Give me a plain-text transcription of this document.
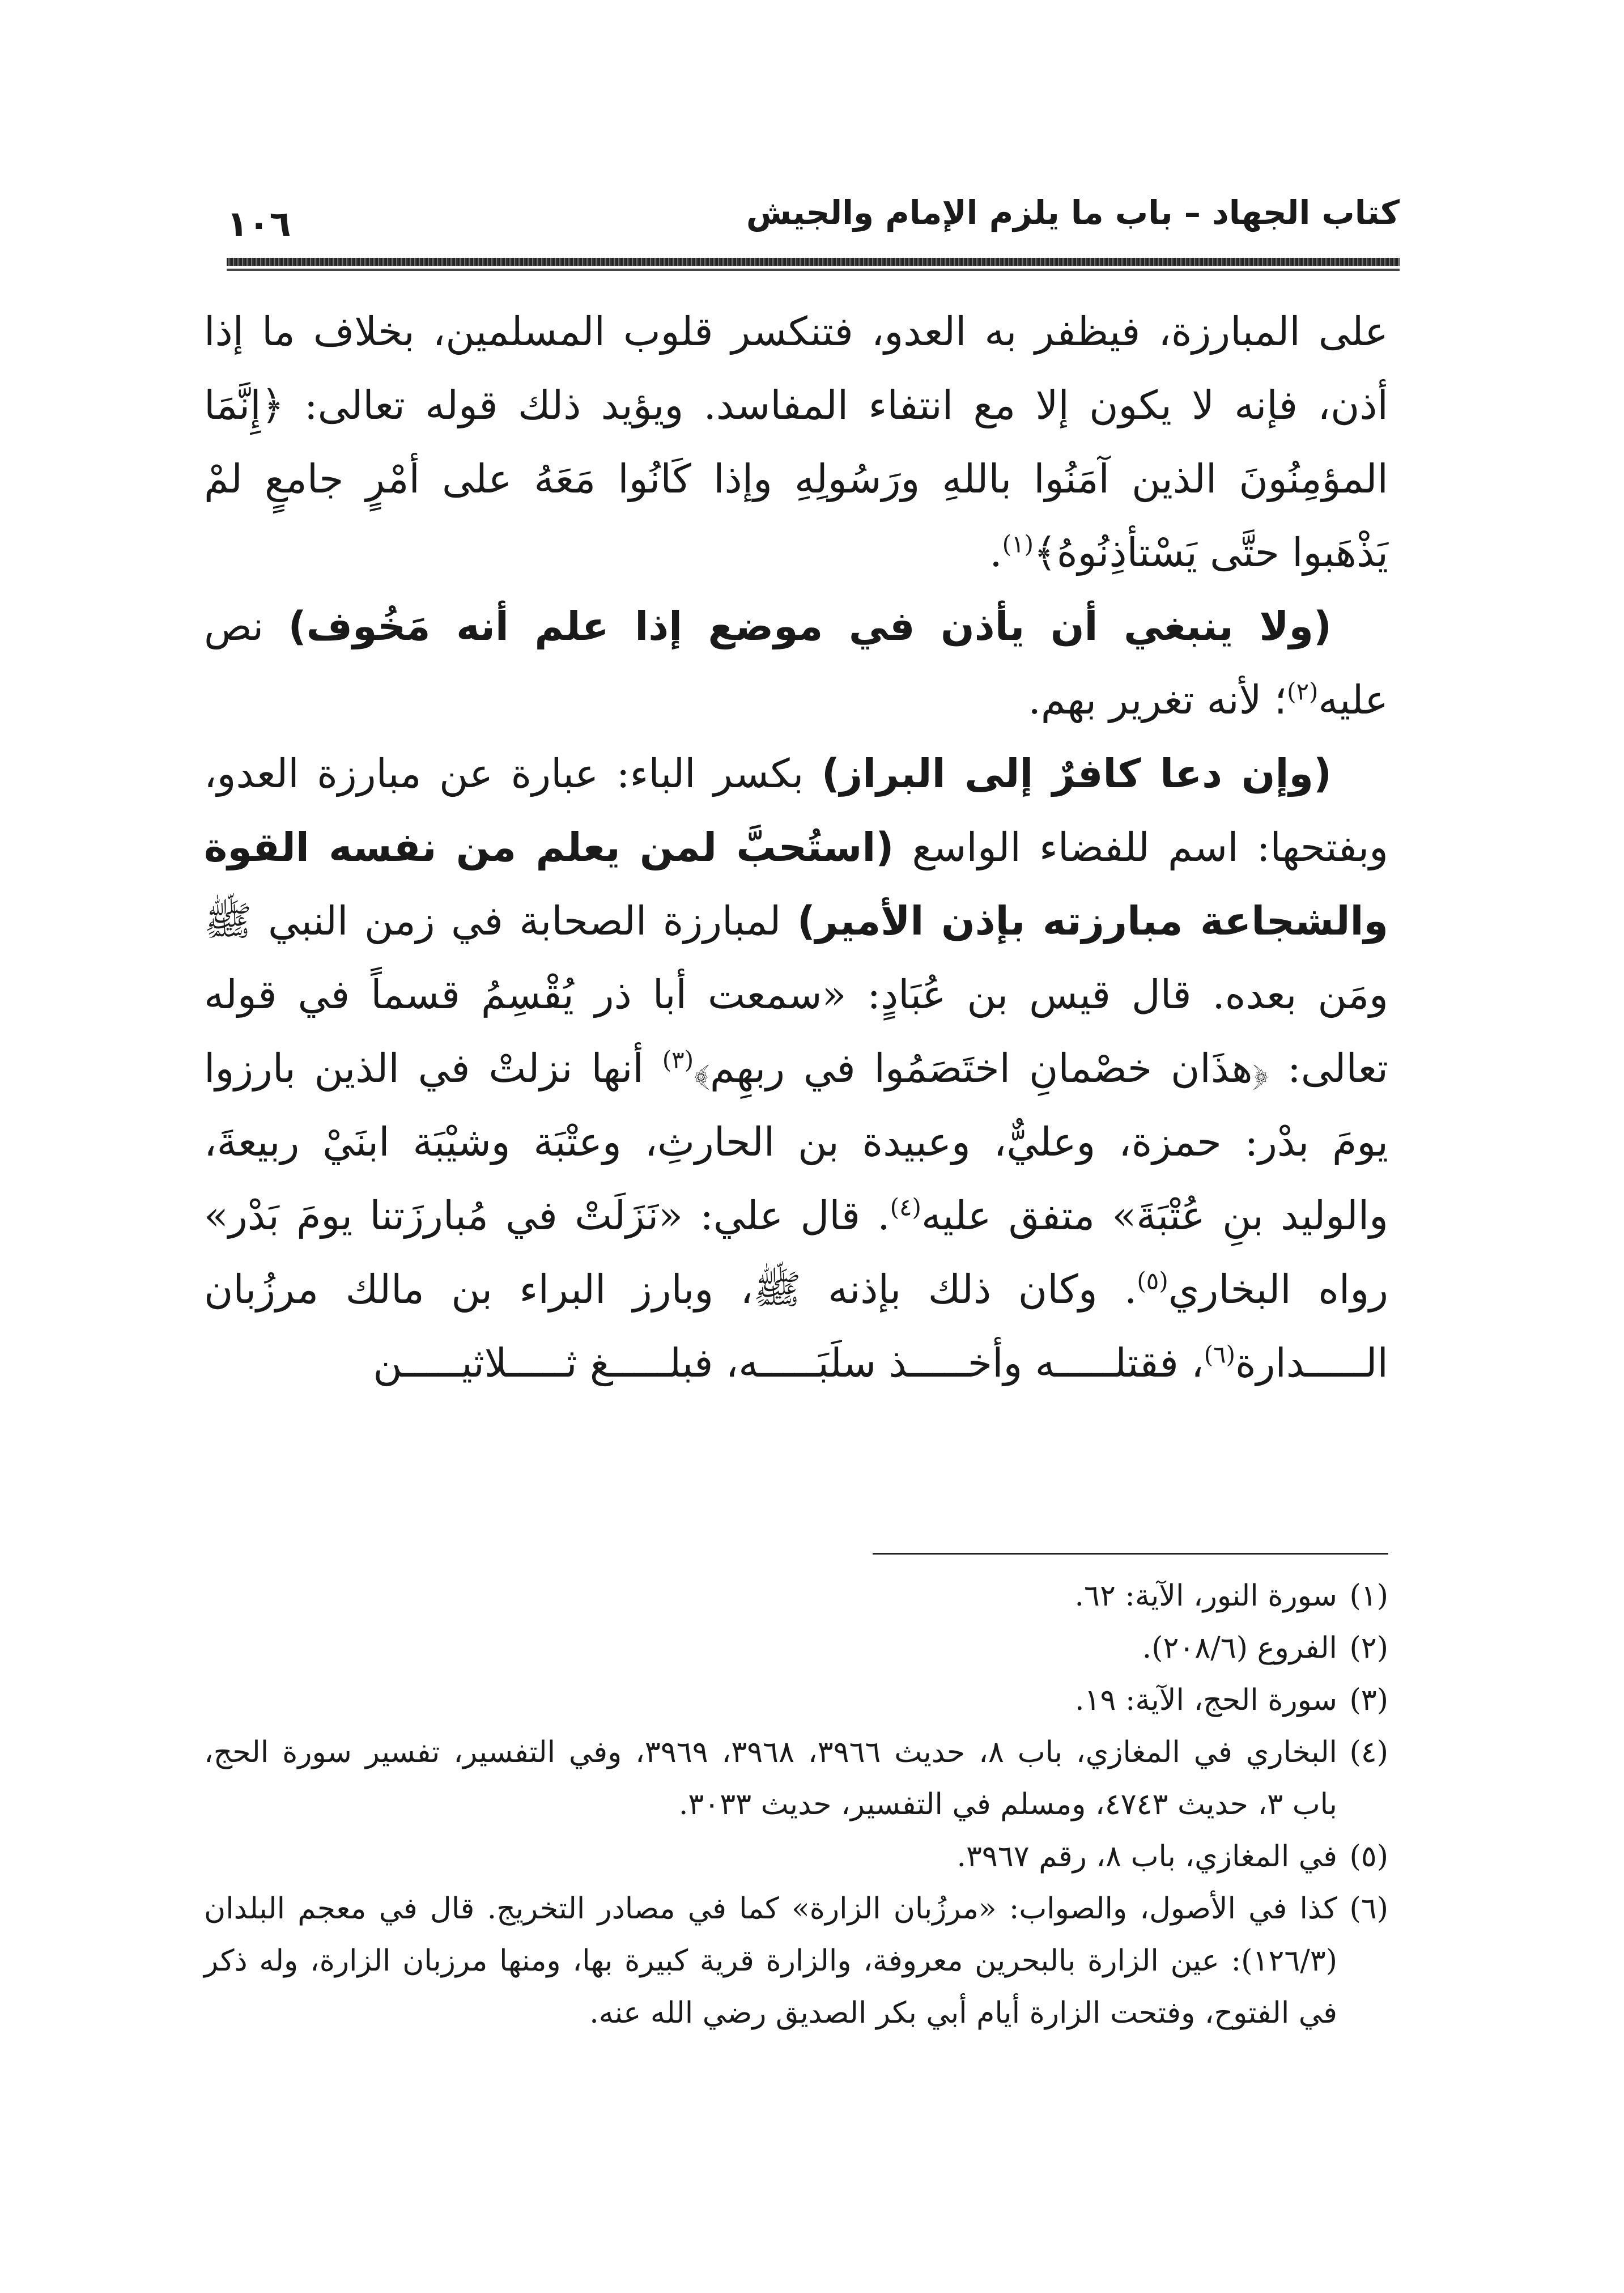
كتاب الجهاد – باب ما يلزم الإمام والجيش
١٠٦

على المبارزة، فيظفر به العدو، فتنكسر قلوب المسلمين، بخلاف ما إذا أذن، فإنه لا يكون إلا مع انتفاء المفاسد. ويؤيد ذلك قوله تعالى: ﴿إِنَّمَا المؤمِنُونَ الذين آمَنُوا باللهِ ورَسُولِهِ وإذا كَانُوا مَعَهُ على أمْرٍ جامعٍ لمْ يَذْهَبوا حتَّى يَسْتأذِنُوهُ﴾$^{(١)}$.

(ولا ينبغي أن يأذن في موضع إذا علم أنه مَخُوف) نص عليه$^{(٢)}$؛ لأنه تغرير بهم.

(وإن دعا كافرٌ إلى البراز) بكسر الباء: عبارة عن مبارزة العدو، وبفتحها: اسم للفضاء الواسع (استُحبَّ لمن يعلم من نفسه القوة والشجاعة مبارزته بإذن الأمير) لمبارزة الصحابة في زمن النبي ﷺ ومَن بعده. قال قيس بن عُبَادٍ: «سمعت أبا ذر يُقْسِمُ قسماً في قوله تعالى: ﴿هذَان خصْمانِ اختَصَمُوا في ربهِم﴾$^{(٣)}$ أنها نزلتْ في الذين بارزوا يومَ بدْر: حمزة، وعليٌّ، وعبيدة بن الحارثِ، وعتْبَة وشيْبَة ابنَيْ ربيعةَ، والوليد بنِ عُتْبَةَ» متفق عليه$^{(٤)}$. قال علي: «نَزَلَتْ في مُبارزَتنا يومَ بَدْر» رواه البخاري$^{(٥)}$. وكان ذلك بإذنه ﷺ، وبارز البراء بن مالك مرزُبان الـــــدارة$^{(٦)}$، فقتلـــــه وأخـــــذ سلَبَـــــه، فبلـــــغ ثـــــلاثيـــــن

(١)
سورة النور، الآية: ٦٢.

(٢)
الفروع (٢٠٨/٦).

(٣)
سورة الحج، الآية: ١٩.

(٤)
البخاري في المغازي، باب ٨، حديث ٣٩٦٦، ٣٩٦٨، ٣٩٦٩، وفي التفسير، تفسير سورة الحج، باب ٣، حديث ٤٧٤٣، ومسلم في التفسير، حديث ٣٠٣٣.

(٥)
في المغازي، باب ٨، رقم ٣٩٦٧.

(٦)
كذا في الأصول، والصواب: «مرزُبان الزارة» كما في مصادر التخريج. قال في معجم البلدان (١٢٦/٣): عين الزارة بالبحرين معروفة، والزارة قرية كبيرة بها، ومنها مرزبان الزارة، وله ذكر في الفتوح، وفتحت الزارة أيام أبي بكر الصديق رضي الله عنه.
